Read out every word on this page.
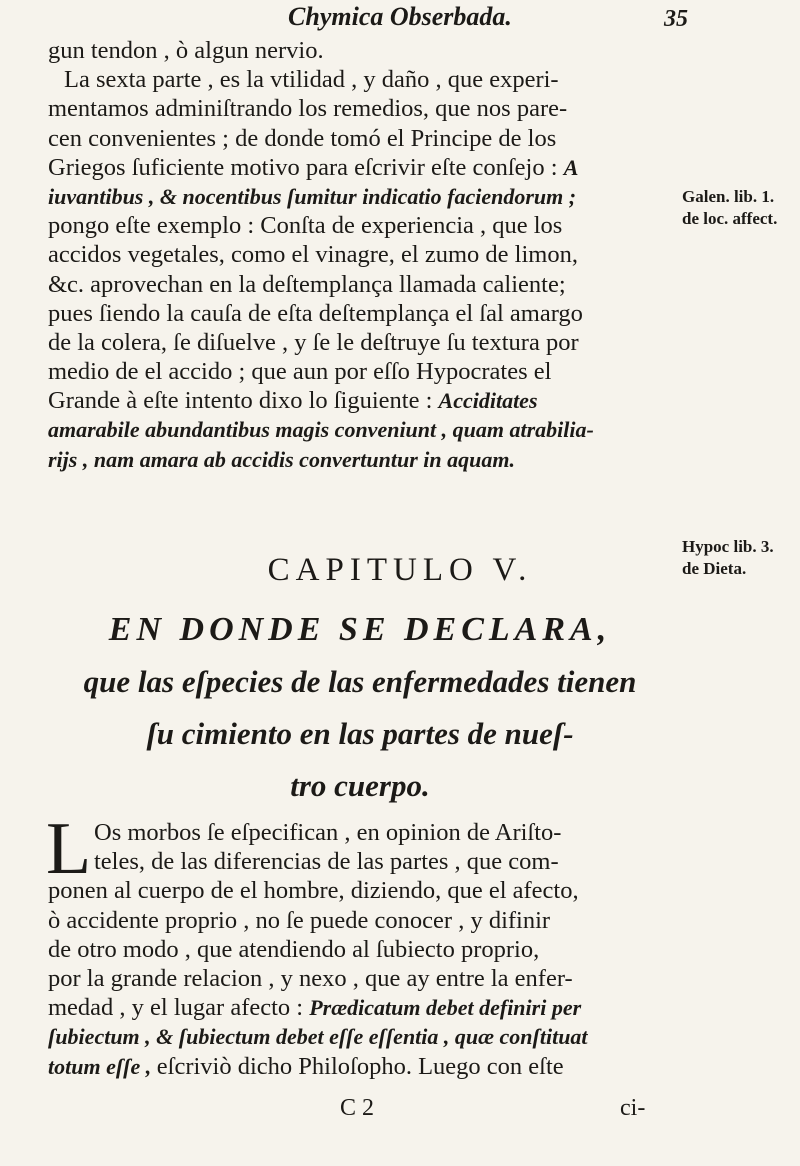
Chymica Obserbada.	35
gun tendon , ò algun nervio.
La sexta parte , es la vtilidad , y daño , que experi-
mentamos adminiſtrando los remedios, que nos pare-
cen convenientes ; de donde tomó el Principe de los
Griegos ſuficiente motivo para eſcrivir eſte conſejo : A
iuvantibus , & nocentibus ſumitur indicatio faciendorum ;
pongo eſte exemplo : Conſta de experiencia , que los
accidos vegetales, como el vinagre, el zumo de limon,
&c. aprovechan en la deſtemplança llamada caliente;
pues ſiendo la cauſa de eſta deſtemplança el ſal amargo
de la colera, ſe diſuelve , y ſe le deſtruye ſu textura por
medio de el accido ; que aun por eſſo Hypocrates el
Grande à eſte intento dixo lo ſiguiente : Acciditates
amarabile abundantibus magis conveniunt , quam atrabilia-
rijs , nam amara ab accidis convertuntur in aquam.
Galen. lib. 1.
de loc. affect.
Hypoc lib. 3.
de Dieta.
CAPITULO V.
EN DONDE SE DECLARA,
que las eſpecies de las enfermedades tienen
ſu cimiento en las partes de nueſ-
tro cuerpo.
L Os morbos ſe eſpecifican , en opinion de Ariſto-
teles, de las diferencias de las partes , que com-
ponen al cuerpo de el hombre, diziendo, que el afecto,
ò accidente proprio , no ſe puede conocer , y difinir
de otro modo , que atendiendo al ſubiecto proprio,
por la grande relacion , y nexo , que ay entre la enfer-
medad , y el lugar afecto : Prædicatum debet definiri per
ſubiectum , & ſubiectum debet eſſe eſſentia , quæ conſtituat
totum eſſe , eſcriviò dicho Philoſopho. Luego con eſte
C 2	ci-
